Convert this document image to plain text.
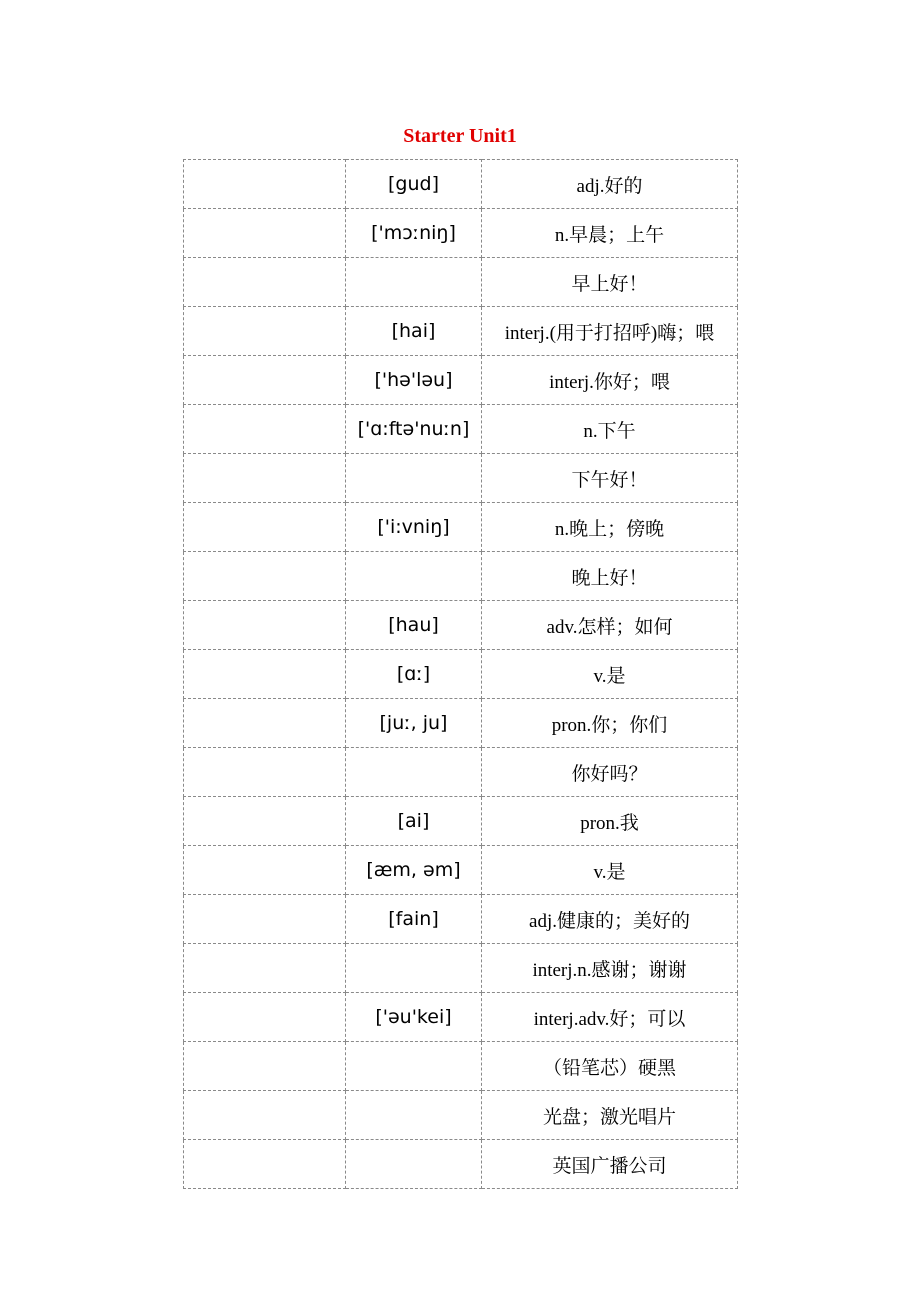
Starter Unit1
	[gud]	adj.好的
	['mɔːniŋ]	n.早晨；上午
		早上好！
	[hai]	interj.(用于打招呼)嗨；喂
	['hə'ləu]	interj.你好；喂
	['ɑ:ftə'nuːn]	n.下午
		下午好！
	['i:vniŋ]	n.晚上；傍晚
		晚上好！
	[hau]	adv.怎样；如何
	[ɑː]	v.是
	[juː, ju]	pron.你；你们
		你好吗？
	[ai]	pron.我
	[æm, əm]	v.是
	[fain]	adj.健康的；美好的
		interj.n.感谢；谢谢
	['əu'kei]	interj.adv.好；可以
		（铅笔芯）硬黑
		光盘；激光唱片
		英国广播公司
